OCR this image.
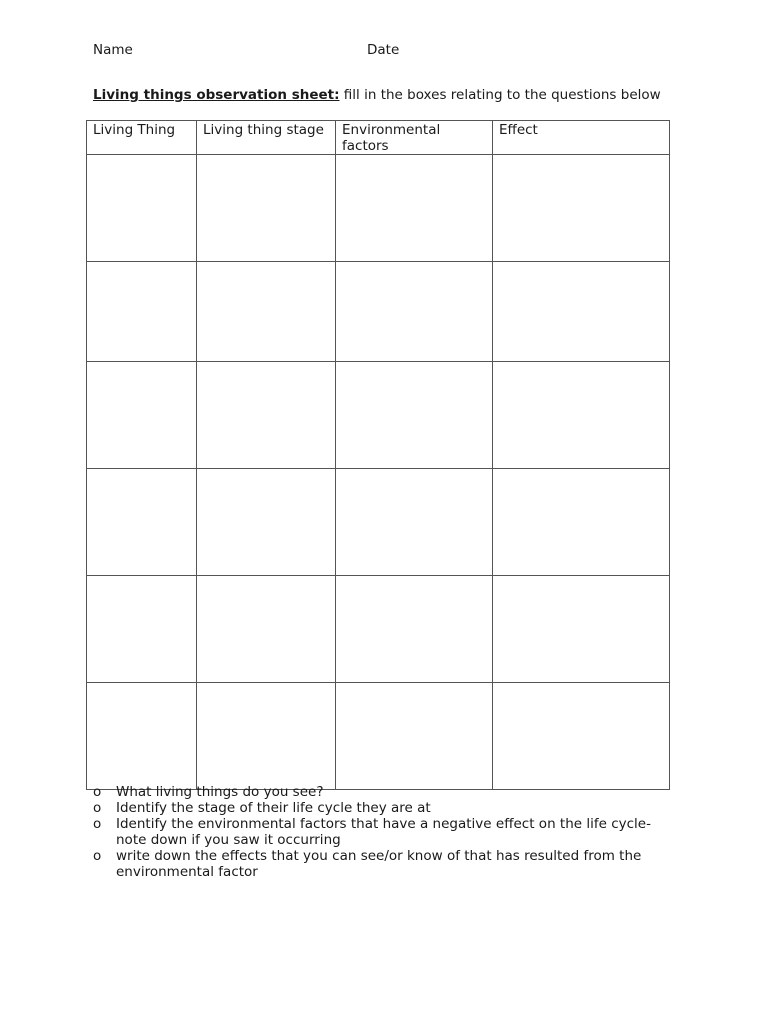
Name	Date
Living things observation sheet: fill in the boxes relating to the questions below
Living Thing	Living thing stage	Environmental factors	Effect

o What living things do you see?
o Identify the stage of their life cycle they are at
o Identify the environmental factors that have a negative effect on the life cycle- note down if you saw it occurring
o write down the effects that you can see/or know of that has resulted from the environmental factor
